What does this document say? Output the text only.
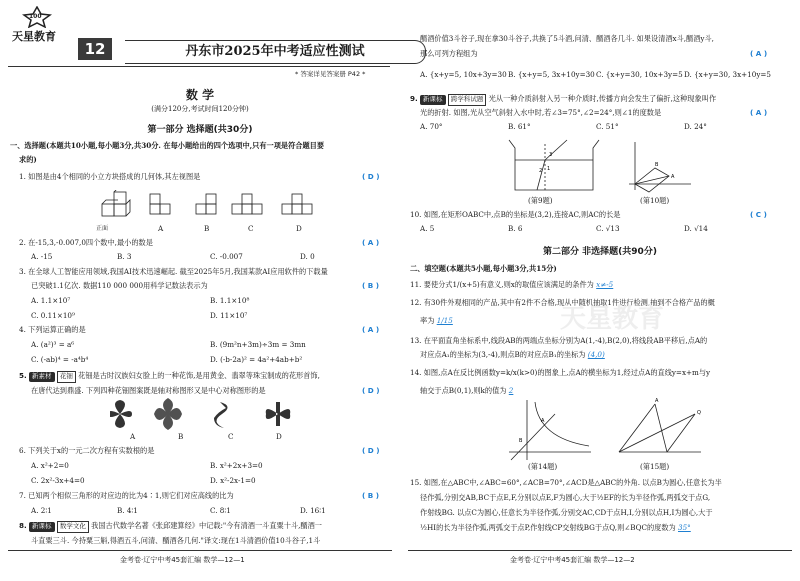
100
天星教育
12	丹东市2025年中考适应性测试
* 答案详见答案册 P42 *
数 学
(满分120分,考试时间120分钟)
第一部分 选择题(共30分)
一、选择题(本题共10小题,每小题3分,共30分. 在每小题给出的四个选项中,只有一项是符合题目要
求的)
1. 如图是由4个相同的小立方块搭成的几何体,其左视图是	( D )
正面	A	B	C	D
2. 在-15,3,-0.007,0四个数中,最小的数是	( A )
A. -15	B. 3	C. -0.007	D. 0
3. 在全球人工智能应用领域,我国AI技术迅速崛起. 截至2025年5月,我国某款AI应用软件的下载量
已突破1.1亿次. 数据110 000 000用科学记数法表示为	( B )
A. 1.1×10⁷	B. 1.1×10⁸
C. 0.11×10⁹	D. 11×10⁷
4. 下列运算正确的是	( A )
A. (a²)³ = a⁶	B. (9m²n+3m)÷3m = 3mn
C. (-ab)⁴ = -a⁴b⁴	D. (-b-2a)² = 4a²+4ab+b²
5. 新素材 花钿 花钿是古时汉族妇女脸上的一种花饰,是用黄金、翡翠等珠宝制成的花形首饰,
在唐代达到鼎盛. 下列四种花钿图案既是轴对称图形又是中心对称图形的是	( D )
A	B	C	D
6. 下列关于x的一元二次方程有实数根的是	( D )
A. x²+2=0	B. x²+2x+3=0
C. 2x²-3x+4=0	D. x²-2x-1=0
7. 已知两个相似三角形的对应边的比为4∶1,则它们对应高线的比为	( B )
A. 2∶1	B. 4∶1	C. 8∶1	D. 16∶1
8. 新课标 数学文化 我国古代数学名著《张邱建算经》中记载:"今有清酒一斗直粟十斗,醑酒一
斗直粟三斗. 今持粟三斛,得酒五斗,问清、醑酒各几何."译文:现在1斗清酒价值10斗谷子,1斗
金考卷·辽宁中考45套汇编 数学—12—1
醑酒价值3斗谷子,现在拿30斗谷子,共换了5斗酒,问清、醑酒各几斗. 如果设清酒x斗,醑酒y斗,
那么可列方程组为	( A )
A. {x+y=5, 10x+3y=30 B. {x+y=5, 3x+10y=30 C. {x+y=30, 10x+3y=5 D. {x+y=30, 3x+10y=5
9. 新课标 跨学科试题 光从一种介质斜射入另一种介质时,传播方向会发生了偏折,这种现象叫作
光的折射. 如图,光从空气斜射入水中时,若∠3=75°,∠2=24°,则∠1的度数是	( A )
A. 70°	B. 61°	C. 51°	D. 24°
1
2
3
B
A
(第9题)	(第10题)
10. 如图,在矩形OABC中,点B的坐标是(3,2),连接AC,则AC的长是	( C )
A. 5	B. 6	C. √13	D. √14
第二部分 非选择题(共90分)
二、填空题(本题共5小题,每小题3分,共15分)
11. 要使分式1/(x+5)有意义,则x的取值应该满足的条件为 x≠-5
12. 有30件外观相同的产品,其中有2件不合格,现从中随机抽取1件进行检测,抽到不合格产品的概
率为 1/15
13. 在平面直角坐标系中,线段AB的两端点坐标分别为A(1,-4),B(2,0),将线段AB平移后,点A的
对应点A₁的坐标为(3,-4),则点B的对应点B₁的坐标为 (4,0)
14. 如图,点A在反比例函数y=k/x(k>0)的图象上,点A的横坐标为1,经过点A的直线y=x+m与y
轴交于点B(0,1),则k的值为 2
A
B
A
Q
(第14题)	(第15题)
15. 如图,在△ABC中,∠ABC=60°,∠ACB=70°,∠ACD是△ABC的外角. 以点B为圆心,任意长为半
径作弧,分别交AB,BC于点E,F,分别以点E,F为圆心,大于½EF的长为半径作弧,两弧交于点G,
作射线BG. 以点C为圆心,任意长为半径作弧,分别交AC,CD于点H,I,分别以点H,I为圆心,大于
½HI的长为半径作弧,两弧交于点P,作射线CP交射线BG于点Q,则∠BQC的度数为 35°
金考卷·辽宁中考45套汇编 数学—12—2
天星教育
